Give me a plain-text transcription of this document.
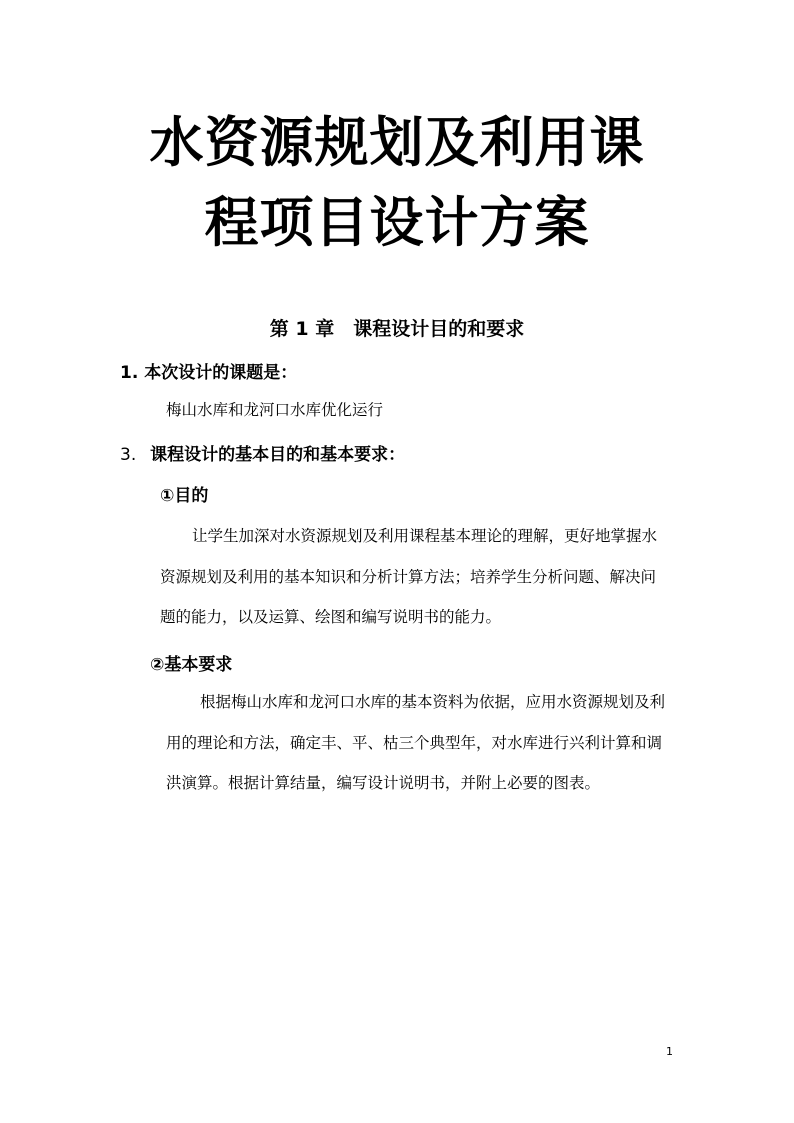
水资源规划及利用课
程项目设计方案
第 1 章　课程设计目的和要求
1. 本次设计的课题是：
梅山水库和龙河口水库优化运行
3. 课程设计的基本目的和基本要求：
①目的
让学生加深对水资源规划及利用课程基本理论的理解，更好地掌握水
资源规划及利用的基本知识和分析计算方法；培养学生分析问题、解决问
题的能力，以及运算、绘图和编写说明书的能力。
②基本要求
根据梅山水库和龙河口水库的基本资料为依据，应用水资源规划及利
用的理论和方法，确定丰、平、枯三个典型年，对水库进行兴利计算和调
洪演算。根据计算结量，编写设计说明书，并附上必要的图表。
1
